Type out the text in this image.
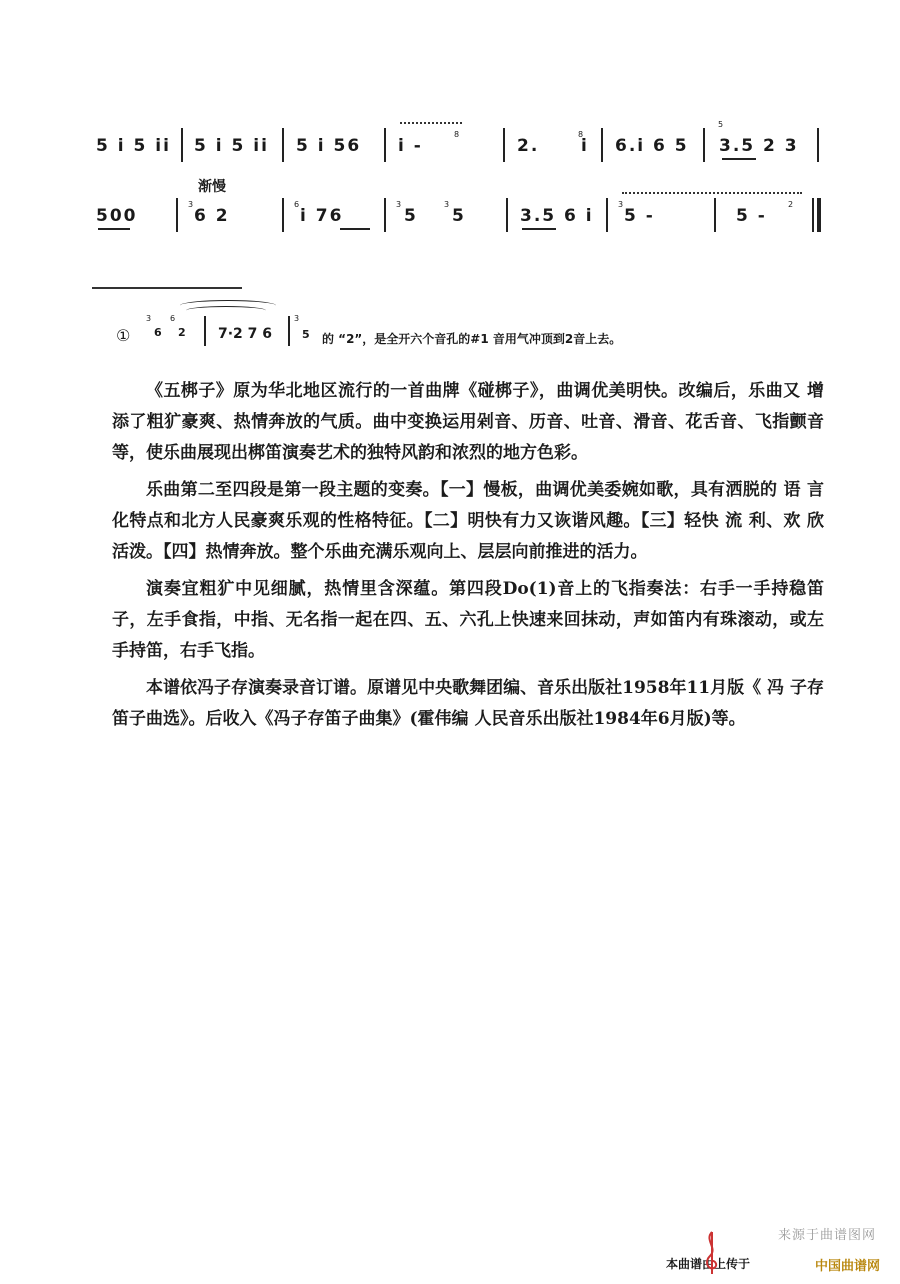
5 i 5 ii 5 i 5 ii 5 i 56
8
i -	2.
8
i 6.i 6 5
5
3.5 2 3
渐慢
500
3
6 2
6
i 76
3
5
3
5	3.5 6 i
3
5 -	5 -
2
①
3
6
6
2 7·2 7 6
3
5 的 “2”，是全开六个音孔的#1 音用气冲顶到2音上去。

《五梆子》原为华北地区流行的一首曲牌《碰梆子》，曲调优美明快。改编后，乐曲又 增 添了粗犷豪爽、热情奔放的气质。曲中变换运用剁音、历音、吐音、滑音、花舌音、飞指颤音等，使乐曲展现出梆笛演奏艺术的独特风韵和浓烈的地方色彩。

乐曲第二至四段是第一段主题的变奏。【一】慢板，曲调优美委婉如歌，具有洒脱的 语 言化特点和北方人民豪爽乐观的性格特征。【二】明快有力又诙谐风趣。【三】轻快 流 利、欢 欣 活泼。【四】热情奔放。整个乐曲充满乐观向上、层层向前推进的活力。

演奏宜粗犷中见细腻，热情里含深蕴。第四段Do(1)音上的飞指奏法：右手一手持稳笛子，左手食指，中指、无名指一起在四、五、六孔上快速来回抹动，声如笛内有珠滚动，或左手持笛，右手飞指。

本谱依冯子存演奏录音订谱。原谱见中央歌舞团编、音乐出版社1958年11月版《 冯 子存笛子曲选》。后收入《冯子存笛子曲集》(霍伟编 人民音乐出版社1984年6月版)等。

来源于曲谱图网
本曲谱由上传于	中国曲谱网
